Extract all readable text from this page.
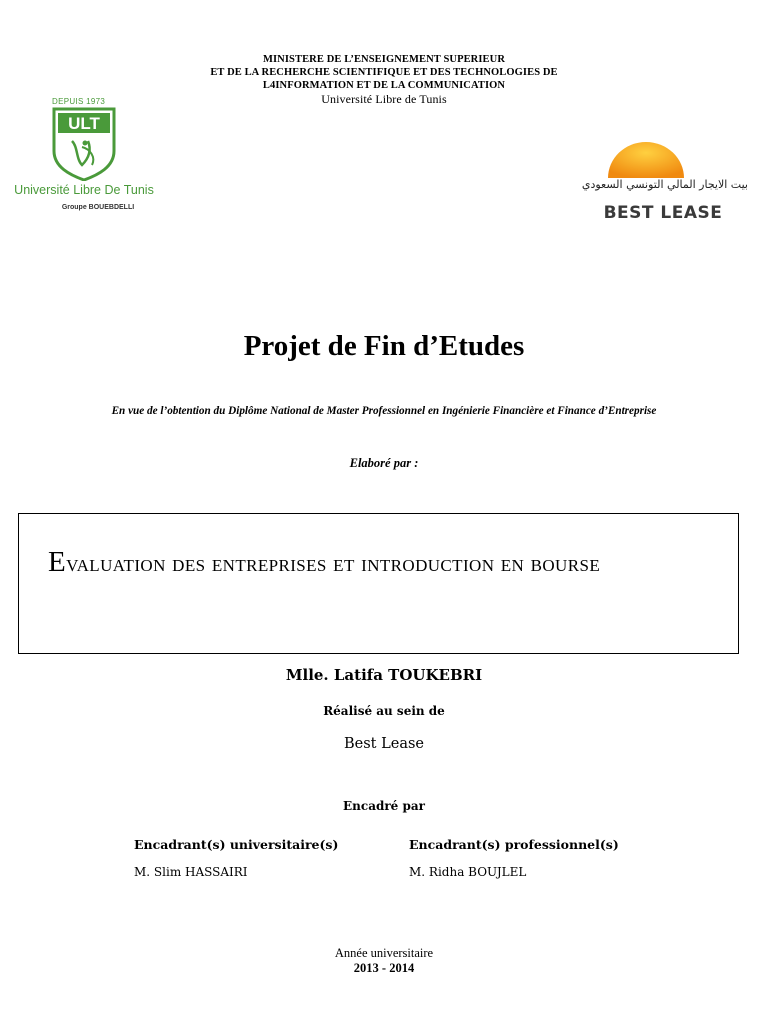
MINISTERE DE L’ENSEIGNEMENT SUPERIEUR
ET DE LA RECHERCHE SCIENTIFIQUE ET DES TECHNOLOGIES DE
L4INFORMATION ET DE LA COMMUNICATION
Université Libre de Tunis
DEPUIS 1973
ULT
Université Libre De Tunis
Groupe BOUEBDELLI
بيت الايجار المالي التونسي السعودي
BEST LEASE
Projet de Fin d’Etudes
En vue de l’obtention du Diplôme National de Master Professionnel en Ingénierie Financière et Finance d’Entreprise
Elaboré par :
Evaluation des entreprises et introduction en bourse
Mlle. Latifa TOUKEBRI
Réalisé au sein de
Best Lease
Encadré par
Encadrant(s) universitaire(s)	Encadrant(s) professionnel(s)
M. Slim HASSAIRI	M. Ridha BOUJLEL
Année universitaire
2013 - 2014
